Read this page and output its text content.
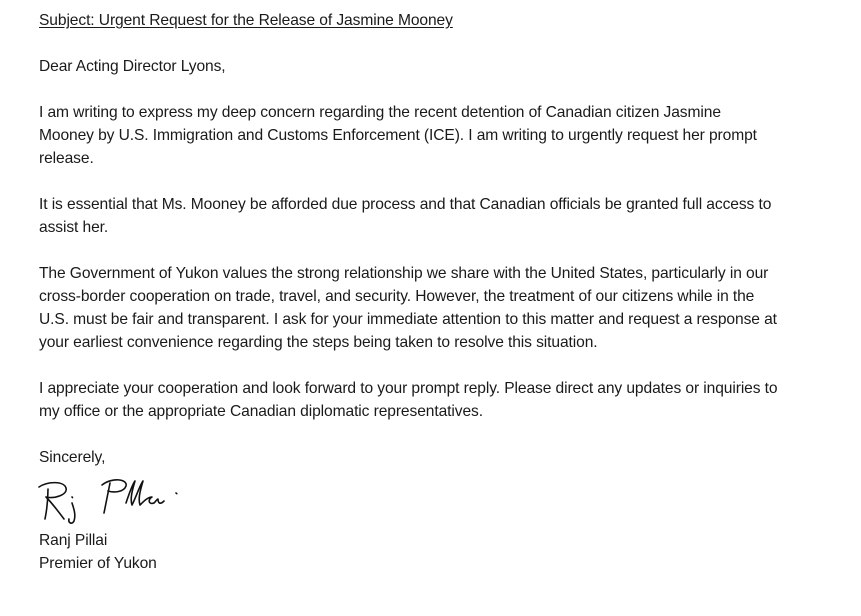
Subject: Urgent Request for the Release of Jasmine Mooney

Dear Acting Director Lyons,

I am writing to express my deep concern regarding the recent detention of Canadian citizen Jasmine Mooney by U.S. Immigration and Customs Enforcement (ICE). I am writing to urgently request her prompt release.

It is essential that Ms. Mooney be afforded due process and that Canadian officials be granted full access to assist her.

The Government of Yukon values the strong relationship we share with the United States, particularly in our cross-border cooperation on trade, travel, and security. However, the treatment of our citizens while in the U.S. must be fair and transparent. I ask for your immediate attention to this matter and request a response at your earliest convenience regarding the steps being taken to resolve this situation.

I appreciate your cooperation and look forward to your prompt reply. Please direct any updates or inquiries to my office or the appropriate Canadian diplomatic representatives.

Sincerely,

Ranj Pillai

Premier of Yukon
